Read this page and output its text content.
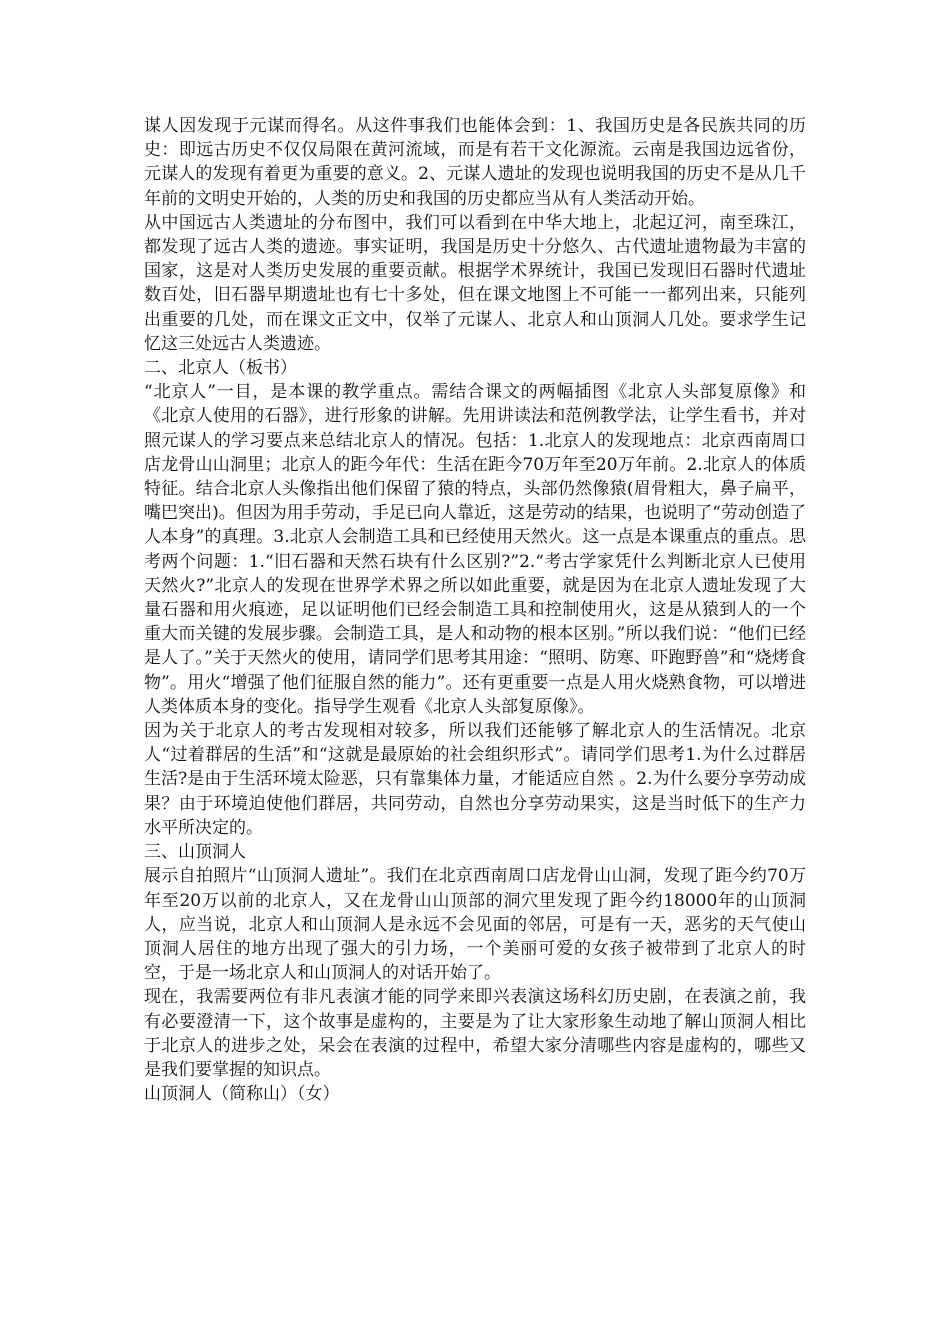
谋人因发现于元谋而得名。从这件事我们也能体会到：1、我国历史是各民族共同的历史：即远古历史不仅仅局限在黄河流域，而是有若干文化源流。云南是我国边远省份，元谋人的发现有着更为重要的意义。2、元谋人遗址的发现也说明我国的历史不是从几千年前的文明史开始的，人类的历史和我国的历史都应当从有人类活动开始。

从中国远古人类遗址的分布图中，我们可以看到在中华大地上，北起辽河，南至珠江，都发现了远古人类的遗迹。事实证明，我国是历史十分悠久、古代遗址遗物最为丰富的国家，这是对人类历史发展的重要贡献。根据学术界统计，我国已发现旧石器时代遗址数百处，旧石器早期遗址也有七十多处，但在课文地图上不可能一一都列出来，只能列出重要的几处，而在课文正文中，仅举了元谋人、北京人和山顶洞人几处。要求学生记忆这三处远古人类遗迹。

二、北京人（板书）

“北京人”一目，是本课的教学重点。需结合课文的两幅插图《北京人头部复原像》和《北京人使用的石器》，进行形象的讲解。先用讲读法和范例教学法，让学生看书，并对照元谋人的学习要点来总结北京人的情况。包括：1.北京人的发现地点：北京西南周口店龙骨山山洞里；北京人的距今年代：生活在距今70万年至20万年前。2.北京人的体质特征。结合北京人头像指出他们保留了猿的特点，头部仍然像猿(眉骨粗大，鼻子扁平，嘴巴突出)。但因为用手劳动，手足已向人靠近，这是劳动的结果，也说明了“劳动创造了人本身”的真理。3.北京人会制造工具和已经使用天然火。这一点是本课重点的重点。思考两个问题：1.“旧石器和天然石块有什么区别?”2.“考古学家凭什么判断北京人已使用天然火?”北京人的发现在世界学术界之所以如此重要，就是因为在北京人遗址发现了大量石器和用火痕迹，足以证明他们已经会制造工具和控制使用火，这是从猿到人的一个重大而关键的发展步骤。会制造工具，是人和动物的根本区别。”所以我们说：“他们已经是人了。”关于天然火的使用，请同学们思考其用途：“照明、防寒、吓跑野兽”和“烧烤食物”。用火“增强了他们征服自然的能力”。还有更重要一点是人用火烧熟食物，可以增进人类体质本身的变化。指导学生观看《北京人头部复原像》。

因为关于北京人的考古发现相对较多，所以我们还能够了解北京人的生活情况。北京人“过着群居的生活”和“这就是最原始的社会组织形式”。请同学们思考1.为什么过群居生活?是由于生活环境太险恶，只有靠集体力量，才能适应自然 。2.为什么要分享劳动成果？由于环境迫使他们群居，共同劳动，自然也分享劳动果实，这是当时低下的生产力水平所决定的。

三、山顶洞人

展示自拍照片“山顶洞人遗址”。我们在北京西南周口店龙骨山山洞，发现了距今约70万年至20万以前的北京人，又在龙骨山山顶部的洞穴里发现了距今约18000年的山顶洞人，应当说，北京人和山顶洞人是永远不会见面的邻居，可是有一天，恶劣的天气使山顶洞人居住的地方出现了强大的引力场，一个美丽可爱的女孩子被带到了北京人的时空，于是一场北京人和山顶洞人的对话开始了。

现在，我需要两位有非凡表演才能的同学来即兴表演这场科幻历史剧，在表演之前，我有必要澄清一下，这个故事是虚构的，主要是为了让大家形象生动地了解山顶洞人相比于北京人的进步之处，呆会在表演的过程中，希望大家分清哪些内容是虚构的，哪些又是我们要掌握的知识点。

山顶洞人（简称山）（女）
